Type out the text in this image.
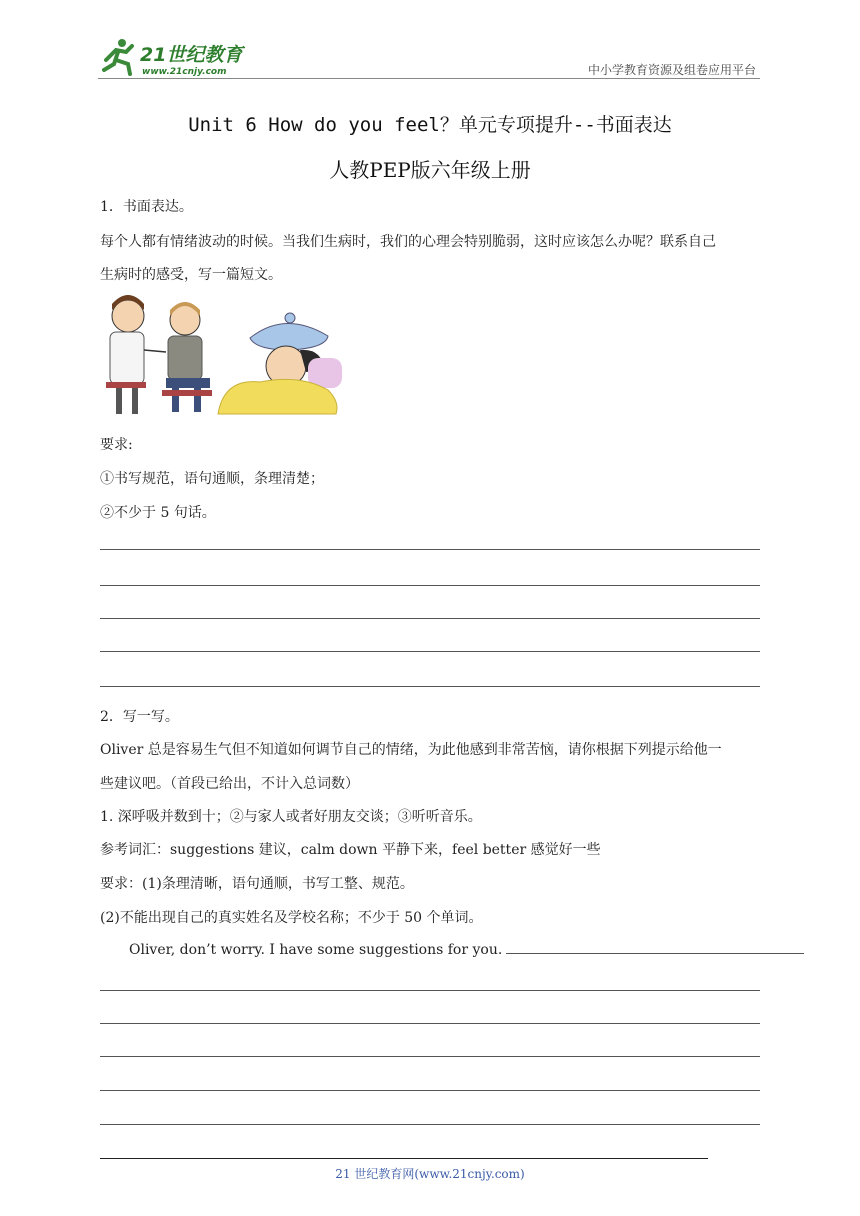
21世纪教育
www.21cnjy.com	中小学教育资源及组卷应用平台
Unit 6 How do you feel？单元专项提升--书面表达
人教PEP版六年级上册
1．书面表达。
每个人都有情绪波动的时候。当我们生病时，我们的心理会特别脆弱，这时应该怎么办呢？联系自己
生病时的感受，写一篇短文。
要求:
①书写规范，语句通顺，条理清楚；
②不少于 5 句话。
2．写一写。
Oliver 总是容易生气但不知道如何调节自己的情绪，为此他感到非常苦恼，请你根据下列提示给他一
些建议吧。（首段已给出，不计入总词数）
1. 深呼吸并数到十；②与家人或者好朋友交谈；③听听音乐。
参考词汇：suggestions 建议，calm down 平静下来，feel better 感觉好一些
要求：(1)条理清晰，语句通顺，书写工整、规范。
(2)不能出现自己的真实姓名及学校名称；不少于 50 个单词。
Oliver, don’t worry. I have some suggestions for you.
21 世纪教育网(www.21cnjy.com)
